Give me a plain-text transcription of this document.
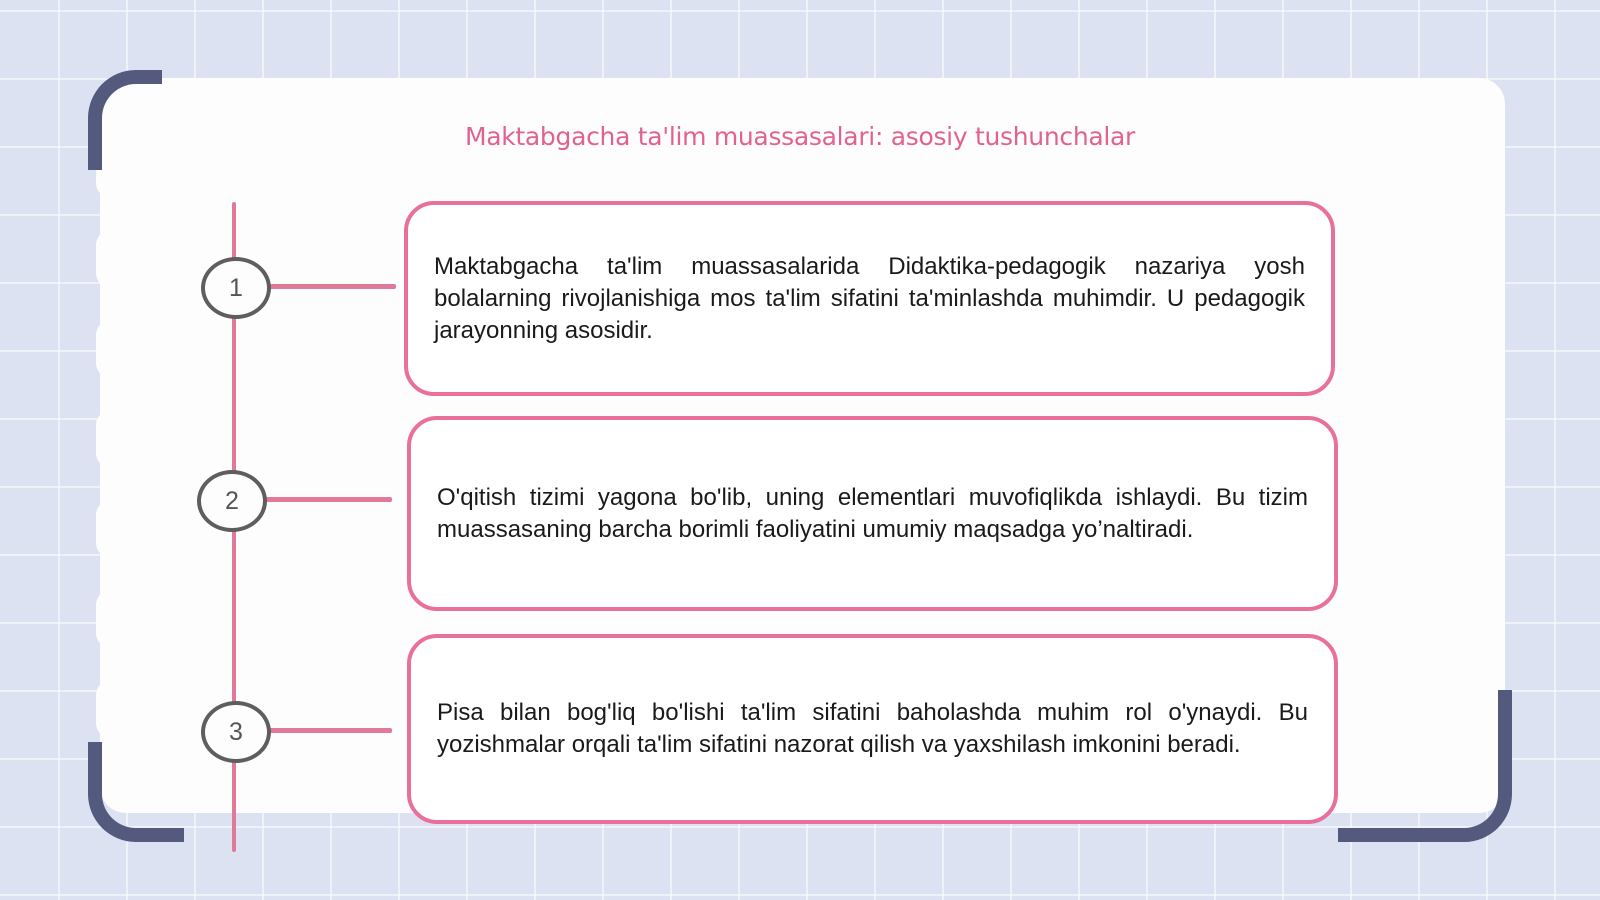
Maktabgacha ta'lim muassasalari: asosiy tushunchalar
1
Maktabgacha ta'lim muassasalarida Didaktika-pedagogik nazariya yosh bolalarning rivojlanishiga mos ta'lim sifatini ta'minlashda muhimdir. U pedagogik jarayonning asosidir.
2	O'qitish tizimi yagona bo'lib, uning elementlari muvofiqlikda ishlaydi. Bu tizim muassasaning barcha borimli faoliyatini umumiy maqsadga yo’naltiradi.
3
Pisa bilan bog'liq bo'lishi ta'lim sifatini baholashda muhim rol o'ynaydi. Bu yozishmalar orqali ta'lim sifatini nazorat qilish va yaxshilash imkonini beradi.
